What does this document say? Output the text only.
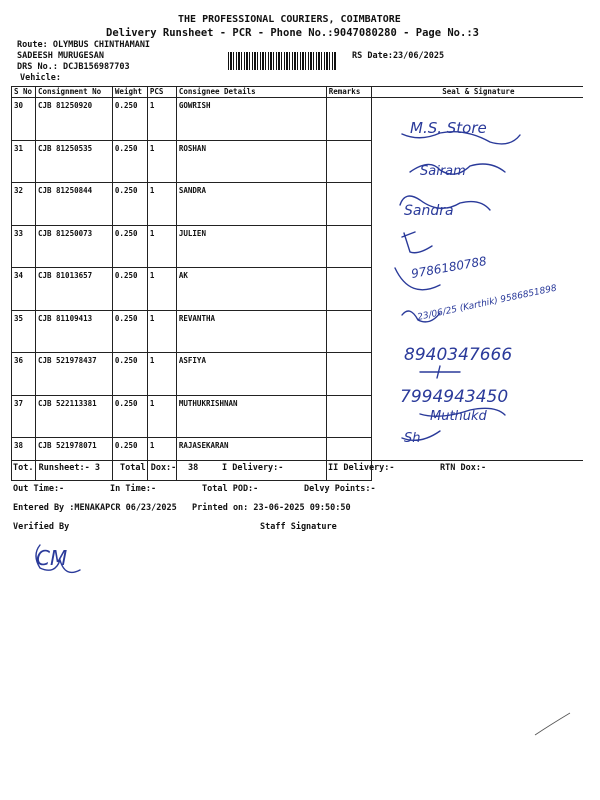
THE PROFESSIONAL COURIERS, COIMBATORE
Delivery Runsheet - PCR - Phone No.:9047080280 - Page No.:3
Route: OLYMBUS CHINTHAMANI
SADEESH MURUGESAN
DRS No.: DCJB156987703
Vehicle:
RS Date:23/06/2025
S No	Consignment No	Weight	PCS	Consignee Details	Remarks	Seal & Signature
30	CJB 81250920	0.250	1	GOWRISH		
31	CJB 81250535	0.250	1	ROSHAN		
32	CJB 81250844	0.250	1	SANDRA		
33	CJB 81250073	0.250	1	JULIEN		
34	CJB 81013657	0.250	1	AK		
35	CJB 81109413	0.250	1	REVANTHA		
36	CJB 521978437	0.250	1	ASFIYA		
37	CJB 522113381	0.250	1	MUTHUKRISHNAN		
38	CJB 521978071	0.250	1	RAJASEKARAN		
M.S. Store
Sairam
Sandra
9786180788
23/06/25 (Karthik) 9586851898
8940347666
7994943450
Muthukd
Sh
CM
Tot. Runsheet:- 3 Total Dox:- 38	I Delivery:-	II Delivery:-	RTN Dox:-
Out Time:-	In Time:-	Total POD:-	Delvy Points:-
Entered By :MENAKAPCR 06/23/2025 Printed on: 23-06-2025 09:50:50
Verified By	Staff Signature
